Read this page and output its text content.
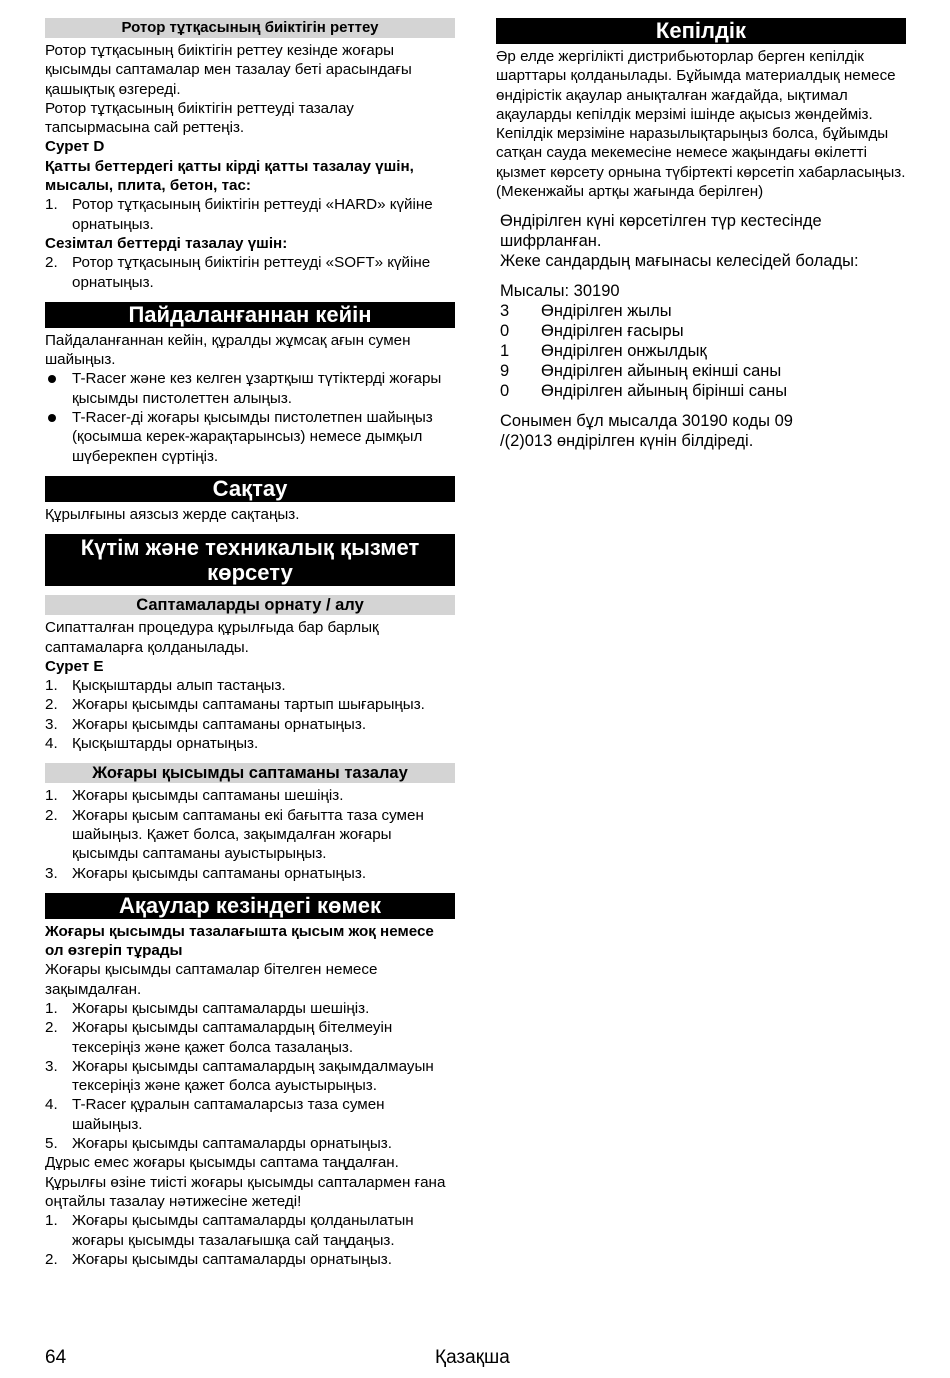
Ротор тұтқасының биіктігін реттеу

Ротор тұтқасының биіктігін реттеу кезінде жоғары қысымды саптамалар мен тазалау беті арасындағы қашықтық өзгереді.

Ротор тұтқасының биіктігін реттеуді тазалау тапсырмасына сай реттеңіз.

Сурет D

Қатты беттердегі қатты кірді қатты тазалау үшін, мысалы, плита, бетон, тас:

1. Ротор тұтқасының биіктігін реттеуді «HARD» күйіне орнатыңыз.

Сезімтал беттерді тазалау үшін:

2. Ротор тұтқасының биіктігін реттеуді «SOFT» күйіне орнатыңыз.
Пайдаланғаннан кейін

Пайдаланғаннан кейін, құралды жұмсақ ағын сумен шайыңыз.

T-Racer және кез келген ұзартқыш түтіктерді жоғары қысымды пистолеттен алыңыз.
T-Racer-ді жоғары қысымды пистолетпен шайыңыз (қосымша керек-жарақтарынсыз) немесе дымқыл шүберекпен сүртіңіз.
Сақтау

Құрылғыны аязсыз жерде сақтаңыз.

Күтім және техникалық қызмет
көрсету
Саптамаларды орнату / алу

Сипатталған процедура құрылғыда бар барлық саптамаларға қолданылады.

Сурет E

1. Қысқыштарды алып тастаңыз.
2. Жоғары қысымды саптаманы тартып шығарыңыз.
3. Жоғары қысымды саптаманы орнатыңыз.
4. Қысқыштарды орнатыңыз.
Жоғары қысымды саптаманы тазалау
1. Жоғары қысымды саптаманы шешіңіз.
2. Жоғары қысым саптаманы екі бағытта таза сумен шайыңыз. Қажет болса, зақымдалған жоғары қысымды саптаманы ауыстырыңыз.
3. Жоғары қысымды саптаманы орнатыңыз.
Ақаулар кезіндегі көмек

Жоғары қысымды тазалағышта қысым жоқ немесе ол өзгеріп тұрады

Жоғары қысымды саптамалар бітелген немесе зақымдалған.

1. Жоғары қысымды саптамаларды шешіңіз.
2. Жоғары қысымды саптамалардың бітелмеуін тексеріңіз және қажет болса тазалаңыз.
3. Жоғары қысымды саптамалардың зақымдалмауын тексеріңіз және қажет болса ауыстырыңыз.
4. T-Racer құралын саптамаларсыз таза сумен шайыңыз.
5. Жоғары қысымды саптамаларды орнатыңыз.

Дұрыс емес жоғары қысымды саптама таңдалған. Құрылғы өзіне тиісті жоғары қысымды сапталармен ғана оңтайлы тазалау нәтижесіне жетеді!

1. Жоғары қысымды саптамаларды қолданылатын жоғары қысымды тазалағышқа сай таңдаңыз.
2. Жоғары қысымды саптамаларды орнатыңыз.
Кепілдік

Әр елде жергілікті дистрибьюторлар берген кепілдік шарттары қолданылады. Бұйымда материалдық немесе өндірістік ақаулар анықталған жағдайда, ықтимал ақауларды кепілдік мерзімі ішінде ақысыз жөндейміз. Кепілдік мерзіміне наразылықтарыңыз болса, бұйымды сатқан сауда мекемесіне немесе жақындағы өкілетті қызмет көрсету орнына түбіртекті көрсетіп хабарласыңыз.

(Мекенжайы артқы жағында берілген)

Өндірілген күні көрсетілген түр кестесінде шифрланған.

Жеке сандардың мағынасы келесідей болады:

Мысалы: 30190

3	Өндірілген жылы
0	Өндірілген ғасыры
1	Өндірілген онжылдық
9	Өндірілген айының екінші саны
0	Өндірілген айының бірінші саны

Сонымен бұл мысалда 30190 коды 09 /(2)013 өндірілген күнін білдіреді.

64	Қазақша
